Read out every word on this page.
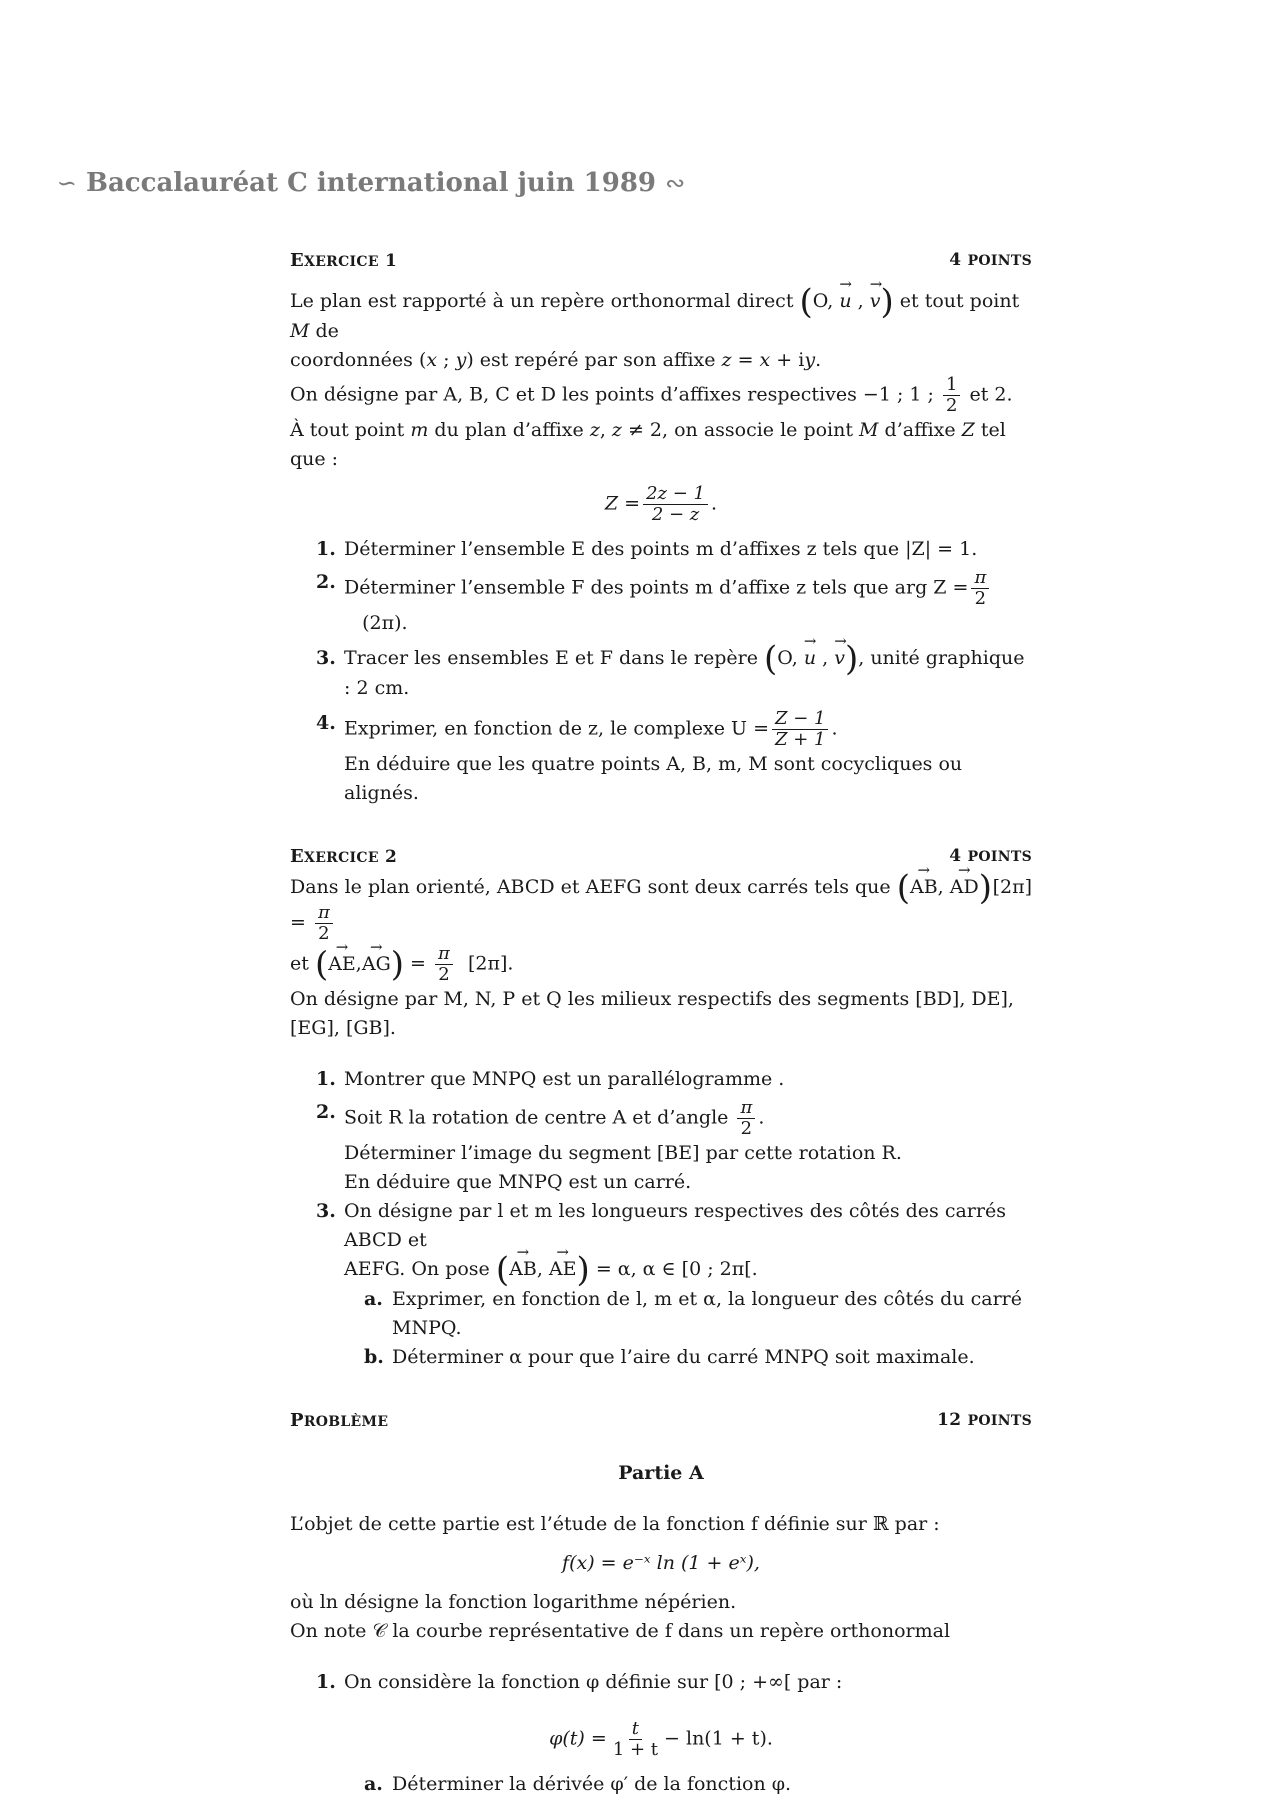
∽ Baccalauréat C international juin 1989 ∾
EXERCICE 1	4 POINTS

Le plan est rapporté à un repère orthonormal direct (O, → u , → v) et tout point M de

coordonnées (x ; y) est repéré par son affixe z = x + iy.

On désigne par A, B, C et D les points d’affixes respectives −1 ; 1 ; $\frac{1}{2}$ et 2.

À tout point m du plan d’affixe z, z ≠ 2, on associe le point M d’affixe Z tel que :

$Z = \frac{2z - 1}{2 - z}$ .

1. Déterminer l’ensemble E des points m d’affixes z tels que |Z| = 1.
2. Déterminer l’ensemble F des points m d’affixe z tels que arg $Z = \frac{\pi}{2}$
(2π).
3. Tracer les ensembles E et F dans le repère (O, → u , → v), unité graphique : 2 cm.
4. Exprimer, en fonction de z, le complexe $U = \frac{Z - 1}{Z + 1}$ .
En déduire que les quatre points A, B, m, M sont cocycliques ou alignés.
EXERCICE 2	4 POINTS

Dans le plan orienté, ABCD et AEFG sont deux carrés tels que (→ AB, → $AD) = \frac{\pi}{2}$
[2π]

et (→ $AE,\to AG) = \frac{\pi}{2} [2\pi]$.

On désigne par M, N, P et Q les milieux respectifs des segments [BD], DE], [EG], [GB].

1. Montrer que MNPQ est un parallélogramme .
2. Soit R la rotation de centre A et d’angle $\frac{\pi}{2}$ .
Déterminer l’image du segment [BE] par cette rotation R.
En déduire que MNPQ est un carré.
3. On désigne par l et m les longueurs respectives des côtés des carrés ABCD et
AEFG. On pose (→ AB, → AE) = α, α ∈ [0 ; 2π[.
a. Exprimer, en fonction de l, m et α, la longueur des côtés du carré MNPQ.
b. Déterminer α pour que l’aire du carré MNPQ soit maximale.
PROBLÈME	12 POINTS

Partie A

L’objet de cette partie est l’étude de la fonction f définie sur ℝ par :

f(x) = e⁻ˣ ln (1 + eˣ),

où ln désigne la fonction logarithme népérien.

On note 𝒞 la courbe représentative de f dans un repère orthonormal

1. On considère la fonction φ définie sur [0 ; +∞[ par :

$\varphi(t) = \frac{t}{1 + t} - \ln(1 + t)$.

a. Déterminer la dérivée φ′ de la fonction φ.
